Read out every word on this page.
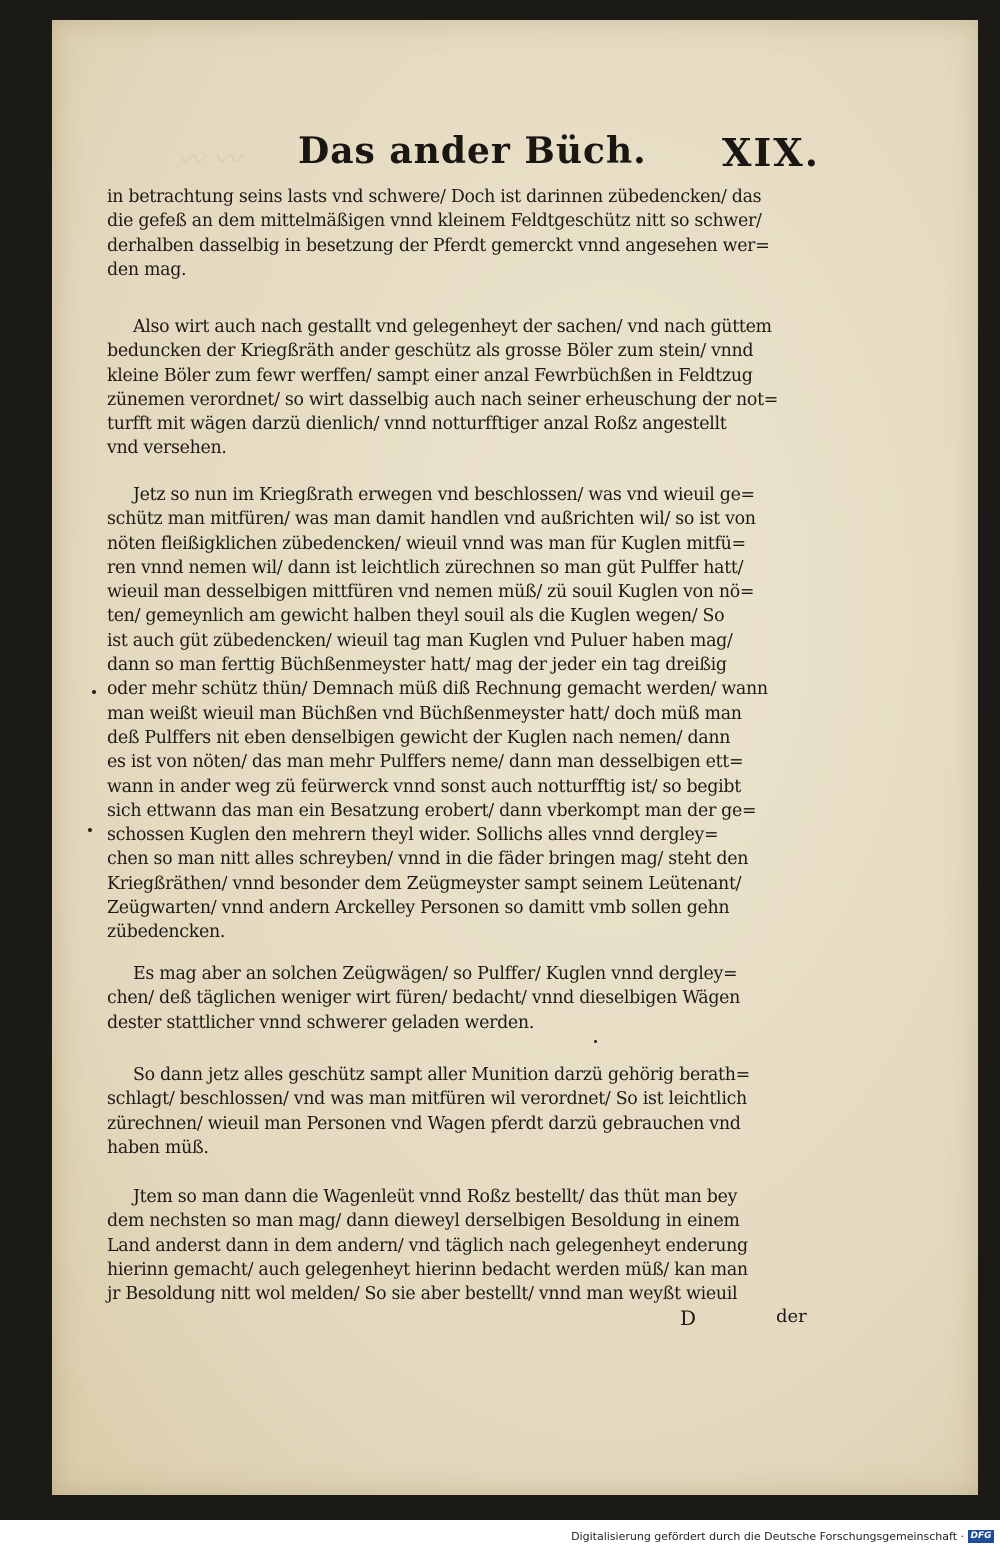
〰︎ 〰︎ Das ander Büch. XIX.
in betrachtung seins lasts vnd schwere/ Doch ist darinnen zübedencken/ das
die gefeß an dem mittelmäßigen vnnd kleinem Feldtgeschütz nitt so schwer/
derhalben dasselbig in besetzung der Pferdt gemerckt vnnd angesehen wer=
den mag.
Also wirt auch nach gestallt vnd gelegenheyt der sachen/ vnd nach güttem
beduncken der Kriegßräth ander geschütz als grosse Böler zum stein/ vnnd
kleine Böler zum fewr werffen/ sampt einer anzal Fewrbüchßen in Feldtzug
zünemen verordnet/ so wirt dasselbig auch nach seiner erheuschung der not=
turfft mit wägen darzü dienlich/ vnnd notturfftiger anzal Roßz angestellt
vnd versehen.
Jetz so nun im Kriegßrath erwegen vnd beschlossen/ was vnd wieuil ge=
schütz man mitfüren/ was man damit handlen vnd außrichten wil/ so ist von
nöten fleißigklichen zübedencken/ wieuil vnnd was man für Kuglen mitfü=
ren vnnd nemen wil/ dann ist leichtlich zürechnen so man güt Pulffer hatt/
wieuil man desselbigen mittfüren vnd nemen müß/ zü souil Kuglen von nö=
ten/ gemeynlich am gewicht halben theyl souil als die Kuglen wegen/ So
ist auch güt zübedencken/ wieuil tag man Kuglen vnd Puluer haben mag/
dann so man ferttig Büchßenmeyster hatt/ mag der jeder ein tag dreißig
oder mehr schütz thün/ Demnach müß diß Rechnung gemacht werden/ wann
man weißt wieuil man Büchßen vnd Büchßenmeyster hatt/ doch müß man
deß Pulffers nit eben denselbigen gewicht der Kuglen nach nemen/ dann
es ist von nöten/ das man mehr Pulffers neme/ dann man desselbigen ett=
wann in ander weg zü feürwerck vnnd sonst auch notturfftig ist/ so begibt
sich ettwann das man ein Besatzung erobert/ dann vberkompt man der ge=
schossen Kuglen den mehrern theyl wider. Sollichs alles vnnd dergley=
chen so man nitt alles schreyben/ vnnd in die fäder bringen mag/ steht den
Kriegßräthen/ vnnd besonder dem Zeügmeyster sampt seinem Leütenant/
Zeügwarten/ vnnd andern Arckelley Personen so damitt vmb sollen gehn
zübedencken.
Es mag aber an solchen Zeügwägen/ so Pulffer/ Kuglen vnnd dergley=
chen/ deß täglichen weniger wirt füren/ bedacht/ vnnd dieselbigen Wägen
dester stattlicher vnnd schwerer geladen werden.
So dann jetz alles geschütz sampt aller Munition darzü gehörig berath=
schlagt/ beschlossen/ vnd was man mitfüren wil verordnet/ So ist leichtlich
zürechnen/ wieuil man Personen vnd Wagen pferdt darzü gebrauchen vnd
haben müß.
Jtem so man dann die Wagenleüt vnnd Roßz bestellt/ das thüt man bey
dem nechsten so man mag/ dann dieweyl derselbigen Besoldung in einem
Land anderst dann in dem andern/ vnd täglich nach gelegenheyt enderung
hierinn gemacht/ auch gelegenheyt hierinn bedacht werden müß/ kan man
jr Besoldung nitt wol melden/ So sie aber bestellt/ vnnd man weyßt wieuil
D	der
Digitalisierung gefördert durch die Deutsche Forschungsgemeinschaft · DFG
